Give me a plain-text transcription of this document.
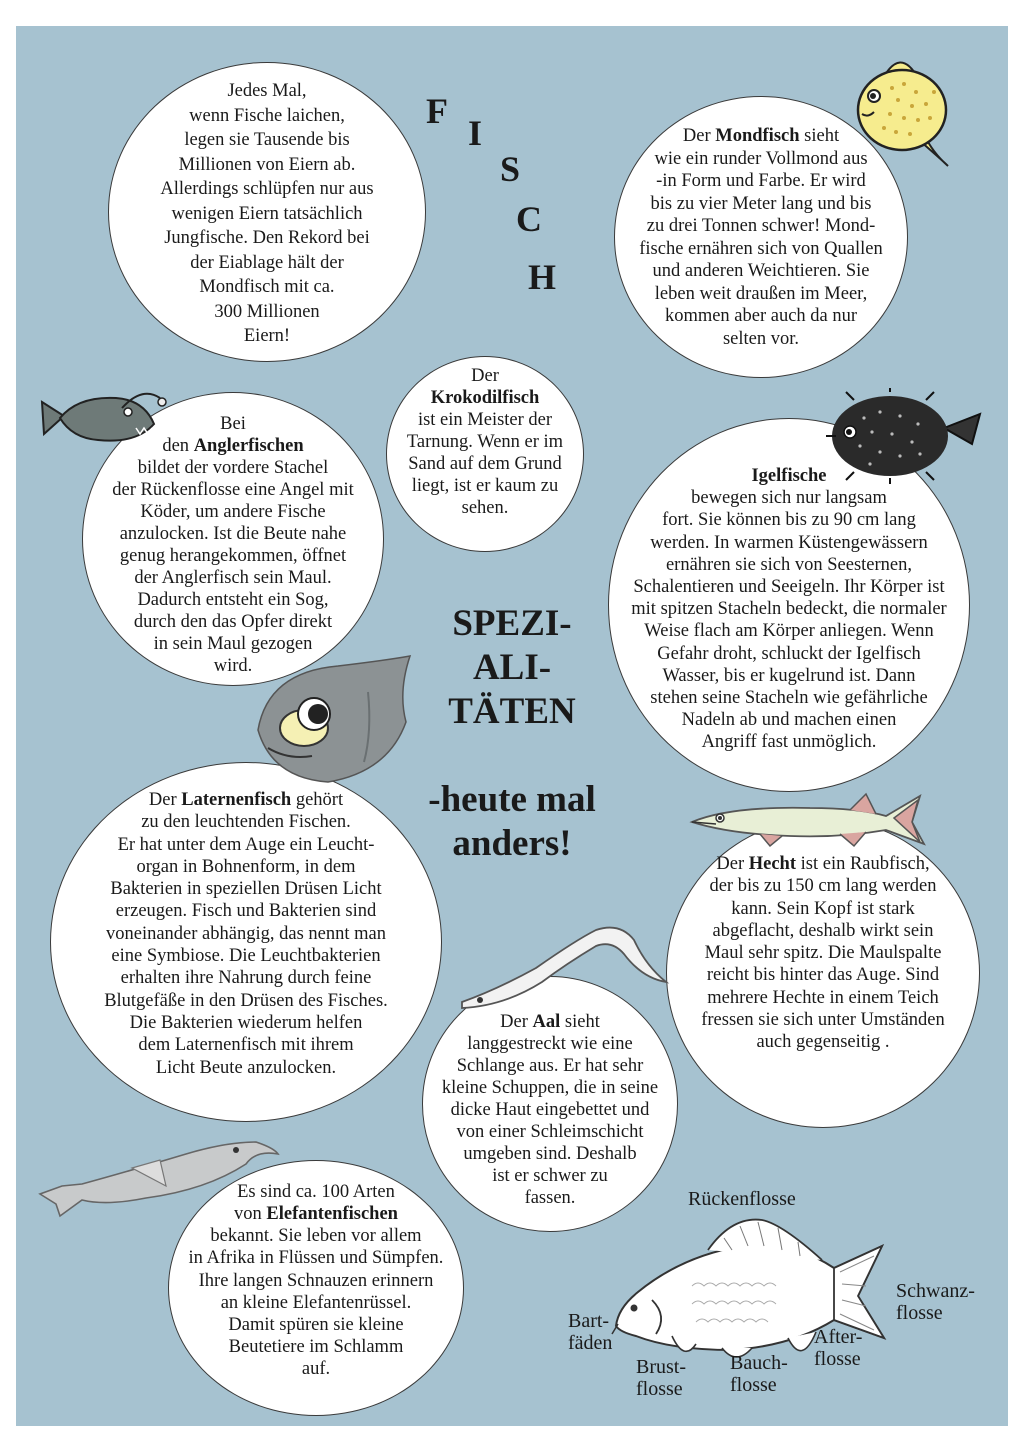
F
I
S
C
H
SPEZI-
ALI-
TÄTEN
-heute mal
anders!

Jedes Mal,
wenn Fische laichen,
legen sie Tausende bis
Millionen von Eiern ab.
Allerdings schlüpfen nur aus
wenigen Eiern tatsächlich
Jungfische. Den Rekord bei
der Eiablage hält der
Mondfisch mit ca.
300 Millionen
Eiern!

Der Mondfisch sieht
wie ein runder Vollmond aus
-in Form und Farbe. Er wird
bis zu vier Meter lang und bis
zu drei Tonnen schwer! Mond-
fische ernähren sich von Quallen
und anderen Weichtieren. Sie
leben weit draußen im Meer,
kommen aber auch da nur
selten vor.

Der
Krokodilfisch
ist ein Meister der
Tarnung. Wenn er im
Sand auf dem Grund
liegt, ist er kaum zu
sehen.

Bei
den Anglerfischen
bildet der vordere Stachel
der Rückenflosse eine Angel mit
Köder, um andere Fische
anzulocken. Ist die Beute nahe
genug herangekommen, öffnet
der Anglerfisch sein Maul.
Dadurch entsteht ein Sog,
durch den das Opfer direkt
in sein Maul gezogen
wird.

Igelfische
bewegen sich nur langsam
fort. Sie können bis zu 90 cm lang
werden. In warmen Küstengewässern
ernähren sie sich von Seesternen,
Schalentieren und Seeigeln. Ihr Körper ist
mit spitzen Stacheln bedeckt, die normaler
Weise flach am Körper anliegen. Wenn
Gefahr droht, schluckt der Igelfisch
Wasser, bis er kugelrund ist. Dann
stehen seine Stacheln wie gefährliche
Nadeln ab und machen einen
Angriff fast unmöglich.

Der Laternenfisch gehört
zu den leuchtenden Fischen.
Er hat unter dem Auge ein Leucht-
organ in Bohnenform, in dem
Bakterien in speziellen Drüsen Licht
erzeugen. Fisch und Bakterien sind
voneinander abhängig, das nennt man
eine Symbiose. Die Leuchtbakterien
erhalten ihre Nahrung durch feine
Blutgefäße in den Drüsen des Fisches.
Die Bakterien wiederum helfen
dem Laternenfisch mit ihrem
Licht Beute anzulocken.

Der Hecht ist ein Raubfisch,
der bis zu 150 cm lang werden
kann. Sein Kopf ist stark
abgeflacht, deshalb wirkt sein
Maul sehr spitz. Die Maulspalte
reicht bis hinter das Auge. Sind
mehrere Hechte in einem Teich
fressen sie sich unter Umständen
auch gegenseitig .

Der Aal sieht
langgestreckt wie eine
Schlange aus. Er hat sehr
kleine Schuppen, die in seine
dicke Haut eingebettet und
von einer Schleimschicht
umgeben sind. Deshalb
ist er schwer zu
fassen.

Es sind ca. 100 Arten
von Elefantenfischen
bekannt. Sie leben vor allem
in Afrika in Flüssen und Sümpfen.
Ihre langen Schnauzen erinnern
an kleine Elefantenrüssel.
Damit spüren sie kleine
Beutetiere im Schlamm
auf.

Rückenflosse
Schwanz-
flosse
Bart-
fäden
Brust-
flosse
Bauch-
flosse
After-
flosse
